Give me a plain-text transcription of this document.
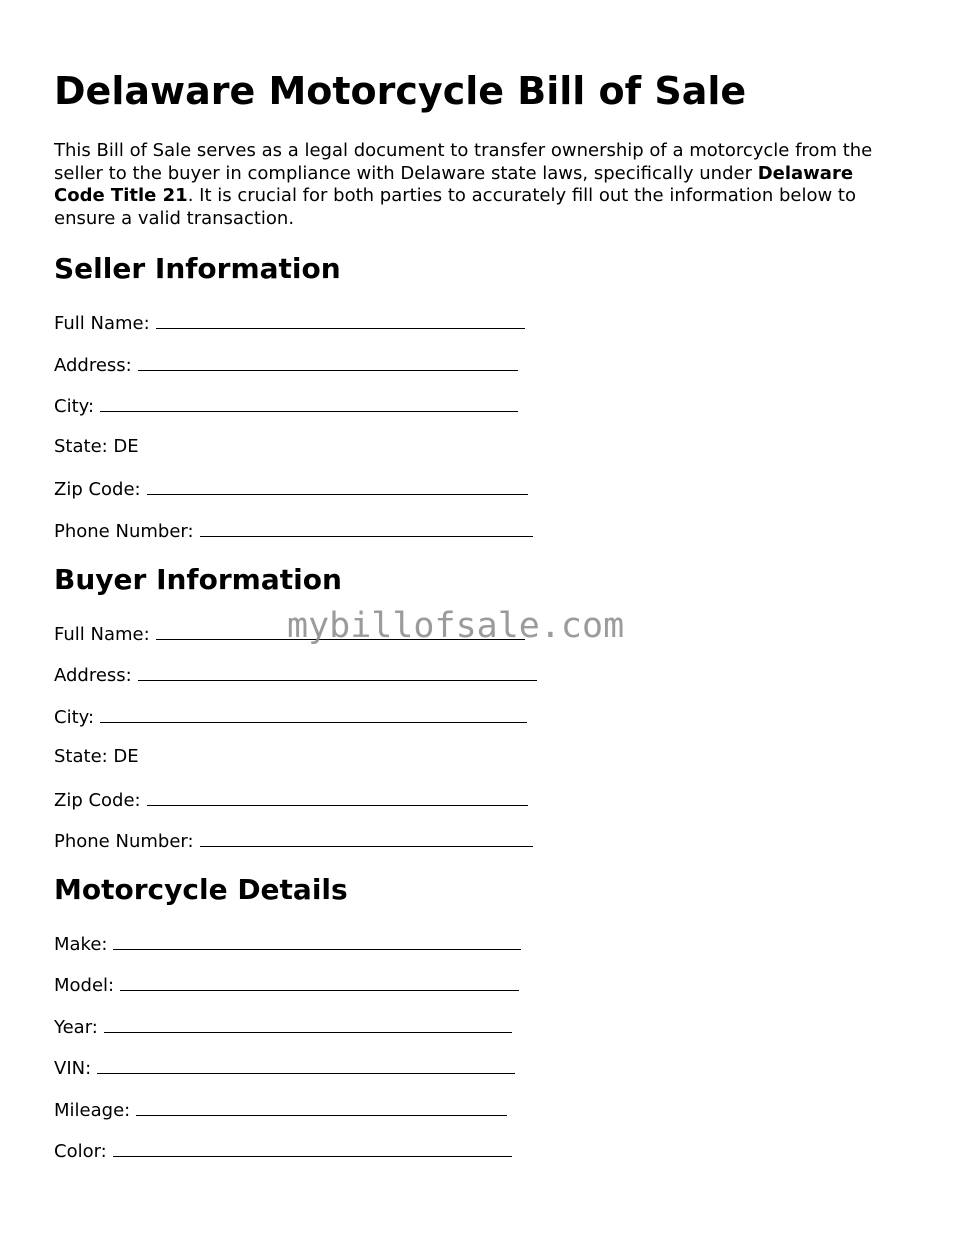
Delaware Motorcycle Bill of Sale

This Bill of Sale serves as a legal document to transfer ownership of a motorcycle from the seller to the buyer in compliance with Delaware state laws, specifically under Delaware Code Title 21. It is crucial for both parties to accurately fill out the information below to ensure a valid transaction.

Seller Information
Full Name:
Address:
City:
State: DE
Zip Code:
Phone Number:
Buyer Information
Full Name:
Address:
City:
State: DE
Zip Code:
Phone Number:
Motorcycle Details
Make:
Model:
Year:
VIN:
Mileage:
Color:
mybillofsale.com
